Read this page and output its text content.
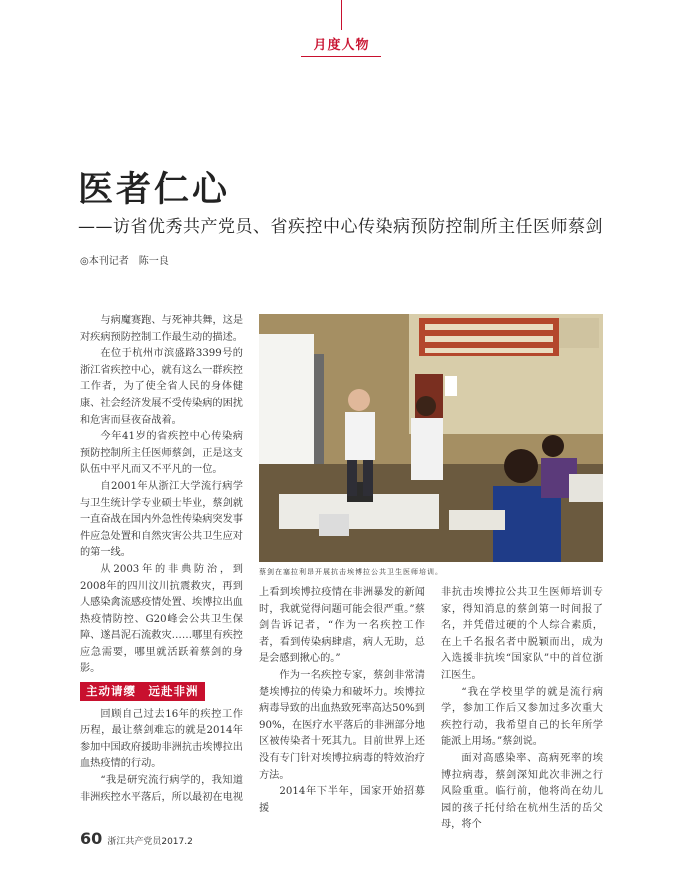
月度人物
医者仁心
——访省优秀共产党员、省疾控中心传染病预防控制所主任医师蔡剑
◎本刊记者　陈一良

与病魔赛跑、与死神共舞，这是对疾病预防控制工作最生动的描述。

在位于杭州市滨盛路3399号的浙江省疾控中心，就有这么一群疾控工作者，为了使全省人民的身体健康、社会经济发展不受传染病的困扰和危害而昼夜奋战着。

今年41岁的省疾控中心传染病预防控制所主任医师蔡剑，正是这支队伍中平凡而又不平凡的一位。

自2001年从浙江大学流行病学与卫生统计学专业硕士毕业，蔡剑就一直奋战在国内外急性传染病突发事件应急处置和自然灾害公共卫生应对的第一线。

从2003年的非典防治，到2008年的四川汶川抗震救灾，再到人感染禽流感疫情处置、埃博拉出血热疫情防控、G20峰会公共卫生保障、遂昌泥石流救灾……哪里有疾控应急需要，哪里就活跃着蔡剑的身影。

主动请缨　远赴非洲

回顾自己过去16年的疾控工作历程，最让蔡剑难忘的就是2014年参加中国政府援助非洲抗击埃博拉出血热疫情的行动。

“我是研究流行病学的，我知道非洲疾控水平落后，所以最初在电视

蔡剑在塞拉利昂开展抗击埃博拉公共卫生医师培训。

上看到埃博拉疫情在非洲暴发的新闻时，我就觉得问题可能会很严重。”蔡剑告诉记者，“作为一名疾控工作者，看到传染病肆虐，病人无助，总是会感到揪心的。”

作为一名疾控专家，蔡剑非常清楚埃博拉的传染力和破坏力。埃博拉病毒导致的出血热致死率高达50%到90%，在医疗水平落后的非洲部分地区被传染者十死其九。目前世界上还没有专门针对埃博拉病毒的特效治疗方法。

2014年下半年，国家开始招募援

非抗击埃博拉公共卫生医师培训专家，得知消息的蔡剑第一时间报了名，并凭借过硬的个人综合素质，在上千名报名者中脱颖而出，成为入选援非抗埃“国家队”中的首位浙江医生。

“我在学校里学的就是流行病学，参加工作后又参加过多次重大疾控行动，我希望自己的长年所学能派上用场。”蔡剑说。

面对高感染率、高病死率的埃博拉病毒，蔡剑深知此次非洲之行风险重重。临行前，他将尚在幼儿园的孩子托付给在杭州生活的岳父母，将个

60 浙江共产党员2017.2
